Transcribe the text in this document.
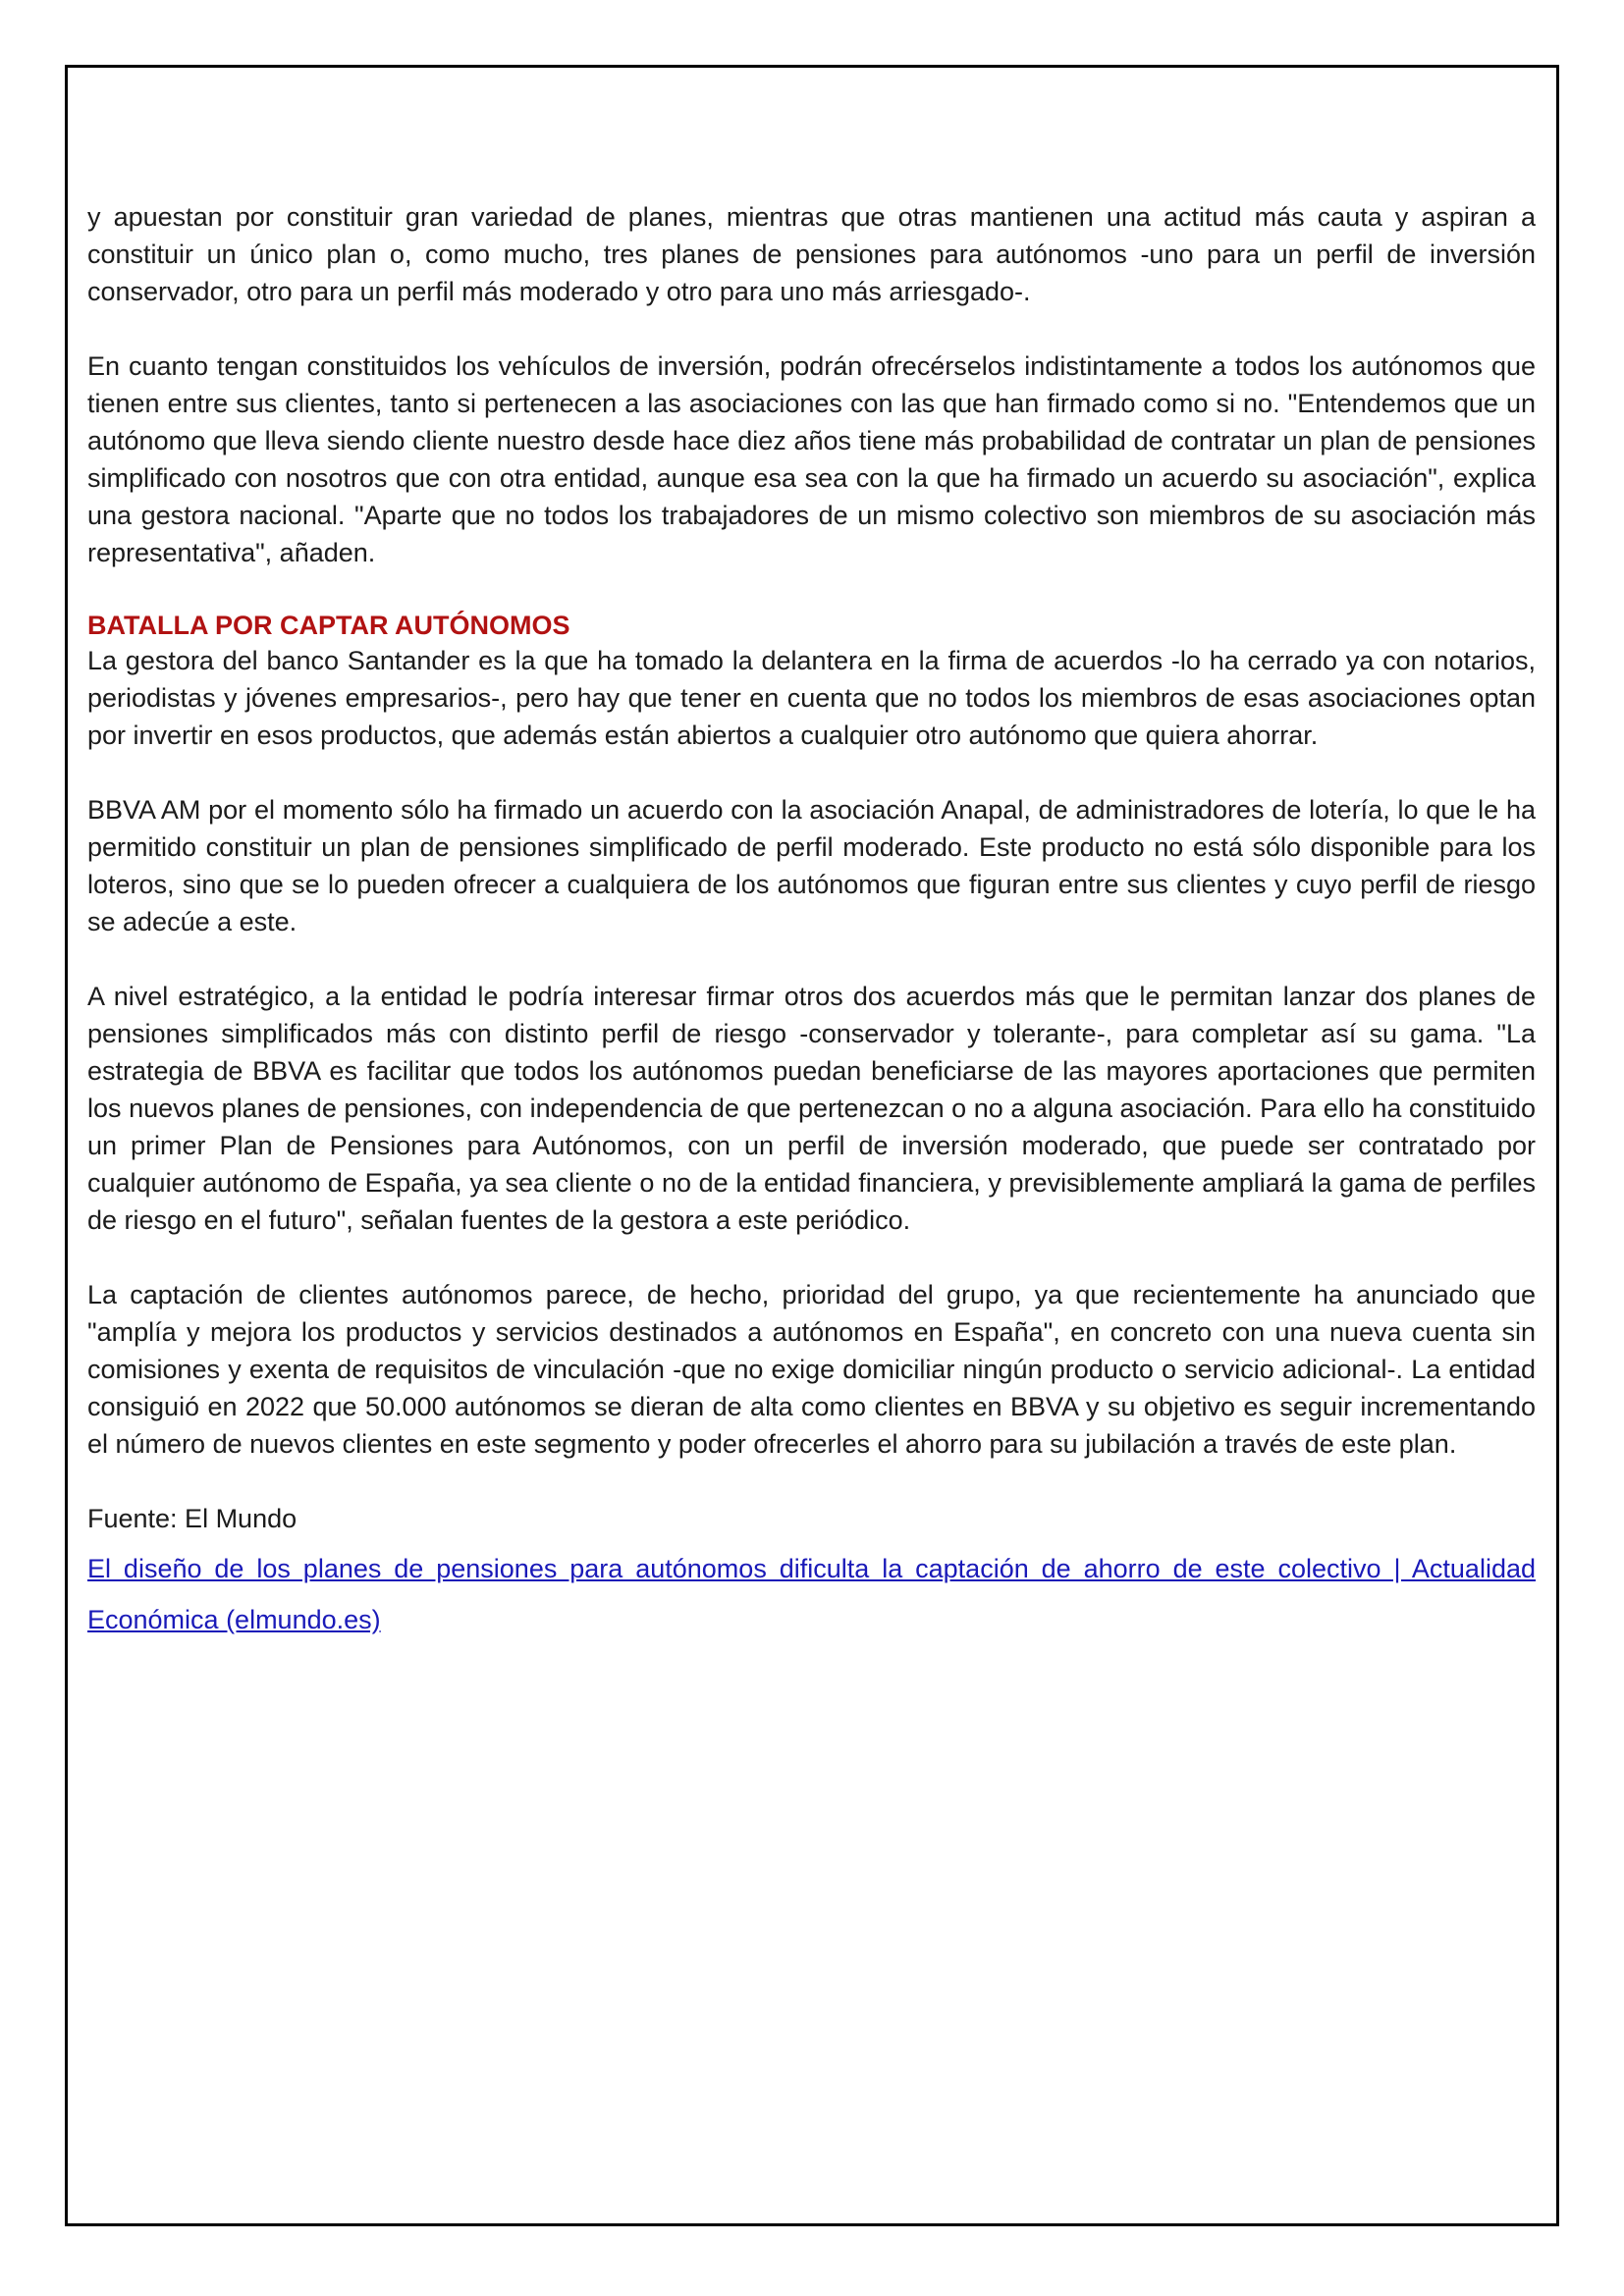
y apuestan por constituir gran variedad de planes, mientras que otras mantienen una actitud más cauta y aspiran a constituir un único plan o, como mucho, tres planes de pensiones para autónomos -uno para un perfil de inversión conservador, otro para un perfil más moderado y otro para uno más arriesgado-.

En cuanto tengan constituidos los vehículos de inversión, podrán ofrecérselos indistintamente a todos los autónomos que tienen entre sus clientes, tanto si pertenecen a las asociaciones con las que han firmado como si no. "Entendemos que un autónomo que lleva siendo cliente nuestro desde hace diez años tiene más probabilidad de contratar un plan de pensiones simplificado con nosotros que con otra entidad, aunque esa sea con la que ha firmado un acuerdo su asociación", explica una gestora nacional. "Aparte que no todos los trabajadores de un mismo colectivo son miembros de su asociación más representativa", añaden.

BATALLA POR CAPTAR AUTÓNOMOS

La gestora del banco Santander es la que ha tomado la delantera en la firma de acuerdos -lo ha cerrado ya con notarios, periodistas y jóvenes empresarios-, pero hay que tener en cuenta que no todos los miembros de esas asociaciones optan por invertir en esos productos, que además están abiertos a cualquier otro autónomo que quiera ahorrar.

BBVA AM por el momento sólo ha firmado un acuerdo con la asociación Anapal, de administradores de lotería, lo que le ha permitido constituir un plan de pensiones simplificado de perfil moderado. Este producto no está sólo disponible para los loteros, sino que se lo pueden ofrecer a cualquiera de los autónomos que figuran entre sus clientes y cuyo perfil de riesgo se adecúe a este.

A nivel estratégico, a la entidad le podría interesar firmar otros dos acuerdos más que le permitan lanzar dos planes de pensiones simplificados más con distinto perfil de riesgo -conservador y tolerante-, para completar así su gama. "La estrategia de BBVA es facilitar que todos los autónomos puedan beneficiarse de las mayores aportaciones que permiten los nuevos planes de pensiones, con independencia de que pertenezcan o no a alguna asociación. Para ello ha constituido un primer Plan de Pensiones para Autónomos, con un perfil de inversión moderado, que puede ser contratado por cualquier autónomo de España, ya sea cliente o no de la entidad financiera, y previsiblemente ampliará la gama de perfiles de riesgo en el futuro", señalan fuentes de la gestora a este periódico.

La captación de clientes autónomos parece, de hecho, prioridad del grupo, ya que recientemente ha anunciado que "amplía y mejora los productos y servicios destinados a autónomos en España", en concreto con una nueva cuenta sin comisiones y exenta de requisitos de vinculación -que no exige domiciliar ningún producto o servicio adicional-. La entidad consiguió en 2022 que 50.000 autónomos se dieran de alta como clientes en BBVA y su objetivo es seguir incrementando el número de nuevos clientes en este segmento y poder ofrecerles el ahorro para su jubilación a través de este plan.

Fuente: El Mundo

El diseño de los planes de pensiones para autónomos dificulta la captación de ahorro de este colectivo | Actualidad Económica (elmundo.es)
